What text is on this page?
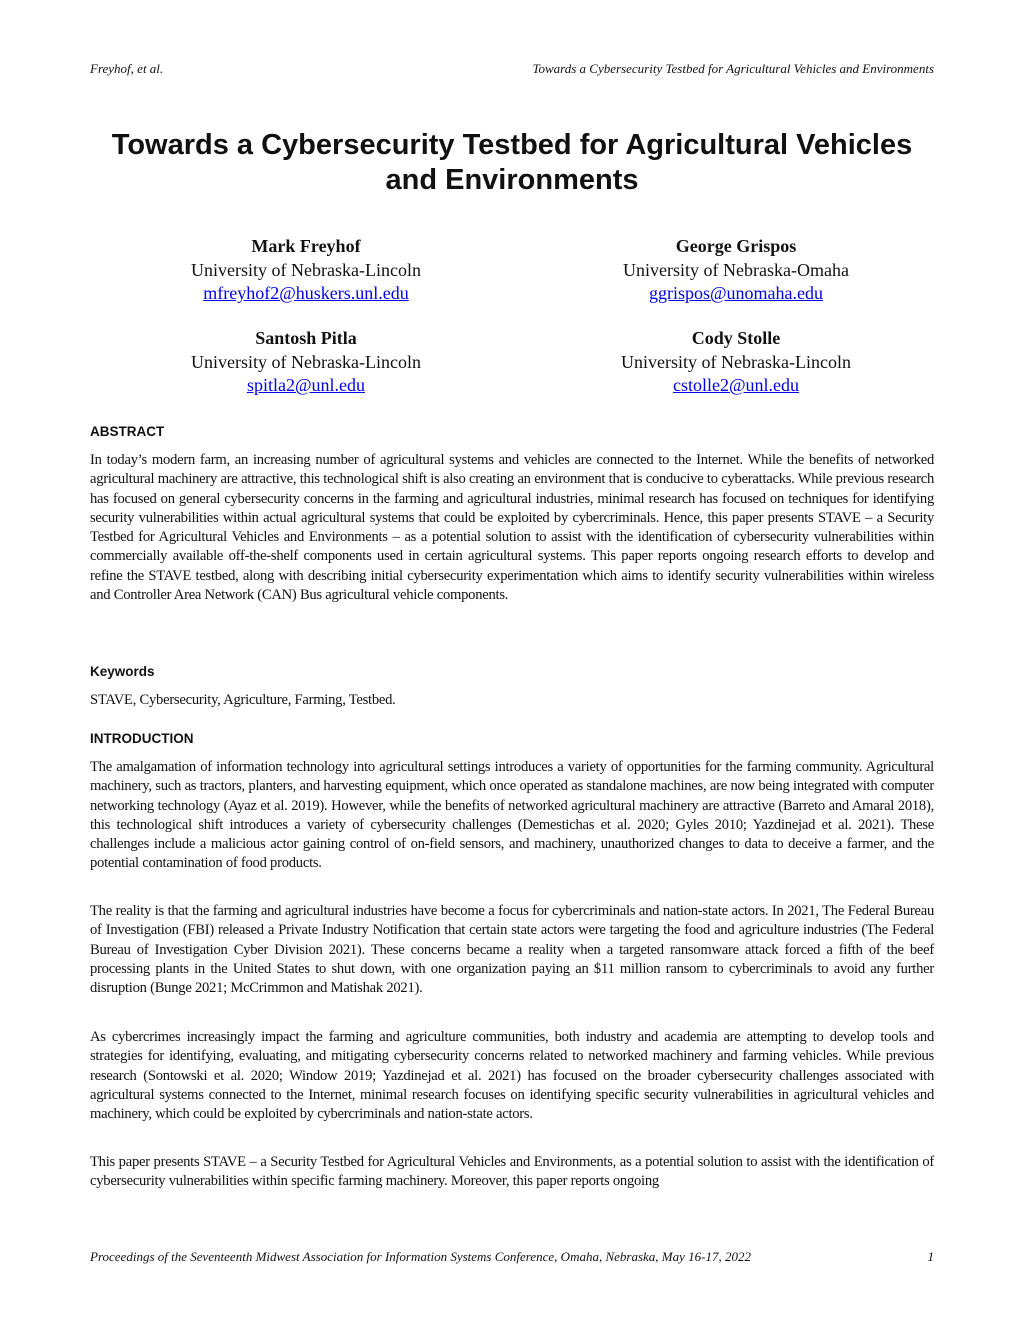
Freyhof, et al.	Towards a Cybersecurity Testbed for Agricultural Vehicles and Environments
Towards a Cybersecurity Testbed for Agricultural Vehicles
and Environments
Mark Freyhof
University of Nebraska-Lincoln
mfreyhof2@huskers.unl.edu
George Grispos
University of Nebraska-Omaha
ggrispos@unomaha.edu
Santosh Pitla
University of Nebraska-Lincoln
spitla2@unl.edu
Cody Stolle
University of Nebraska-Lincoln
cstolle2@unl.edu
ABSTRACT

In today’s modern farm, an increasing number of agricultural systems and vehicles are connected to the Internet. While the benefits of networked agricultural machinery are attractive, this technological shift is also creating an environment that is conducive to cyberattacks. While previous research has focused on general cybersecurity concerns in the farming and agricultural industries, minimal research has focused on techniques for identifying security vulnerabilities within actual agricultural systems that could be exploited by cybercriminals. Hence, this paper presents STAVE – a Security Testbed for Agricultural Vehicles and Environments – as a potential solution to assist with the identification of cybersecurity vulnerabilities within commercially available off-the-shelf components used in certain agricultural systems. This paper reports ongoing research efforts to develop and refine the STAVE testbed, along with describing initial cybersecurity experimentation which aims to identify security vulnerabilities within wireless and Controller Area Network (CAN) Bus agricultural vehicle components.

Keywords

STAVE, Cybersecurity, Agriculture, Farming, Testbed.

INTRODUCTION

The amalgamation of information technology into agricultural settings introduces a variety of opportunities for the farming community. Agricultural machinery, such as tractors, planters, and harvesting equipment, which once operated as standalone machines, are now being integrated with computer networking technology (Ayaz et al. 2019). However, while the benefits of networked agricultural machinery are attractive (Barreto and Amaral 2018), this technological shift introduces a variety of cybersecurity challenges (Demestichas et al. 2020; Gyles 2010; Yazdinejad et al. 2021). These challenges include a malicious actor gaining control of on-field sensors, and machinery, unauthorized changes to data to deceive a farmer, and the potential contamination of food products.

The reality is that the farming and agricultural industries have become a focus for cybercriminals and nation-state actors. In 2021, The Federal Bureau of Investigation (FBI) released a Private Industry Notification that certain state actors were targeting the food and agriculture industries (The Federal Bureau of Investigation Cyber Division 2021). These concerns became a reality when a targeted ransomware attack forced a fifth of the beef processing plants in the United States to shut down, with one organization paying an $11 million ransom to cybercriminals to avoid any further disruption (Bunge 2021; McCrimmon and Matishak 2021).

As cybercrimes increasingly impact the farming and agriculture communities, both industry and academia are attempting to develop tools and strategies for identifying, evaluating, and mitigating cybersecurity concerns related to networked machinery and farming vehicles. While previous research (Sontowski et al. 2020; Window 2019; Yazdinejad et al. 2021) has focused on the broader cybersecurity challenges associated with agricultural systems connected to the Internet, minimal research focuses on identifying specific security vulnerabilities in agricultural vehicles and machinery, which could be exploited by cybercriminals and nation-state actors.

This paper presents STAVE – a Security Testbed for Agricultural Vehicles and Environments, as a potential solution to assist with the identification of cybersecurity vulnerabilities within specific farming machinery. Moreover, this paper reports ongoing

Proceedings of the Seventeenth Midwest Association for Information Systems Conference, Omaha, Nebraska, May 16-17, 2022	1
